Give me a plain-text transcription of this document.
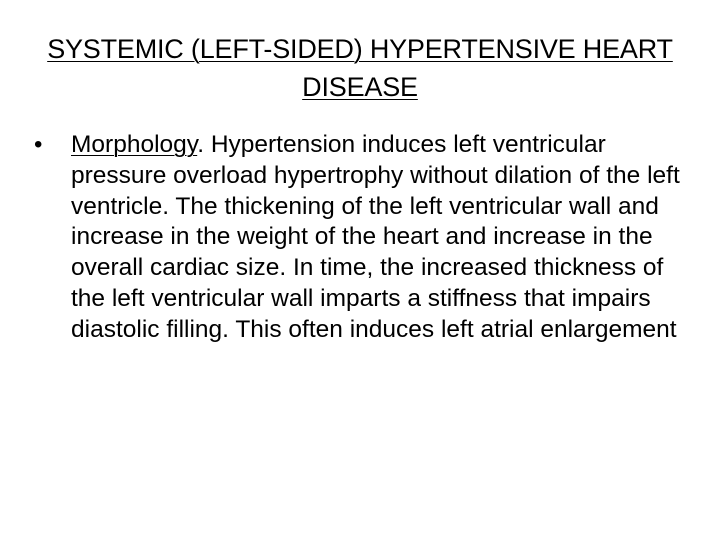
SYSTEMIC (LEFT-SIDED) HYPERTENSIVE HEART DISEASE
• Morphology. Hypertension induces left ventricular pressure overload hypertrophy without dilation of the left ventricle. The thickening of the left ventricular wall and increase in the weight of the heart and increase in the overall cardiac size. In time, the increased thickness of the left ventricular wall imparts a stiffness that impairs diastolic filling. This often induces left atrial enlargement
